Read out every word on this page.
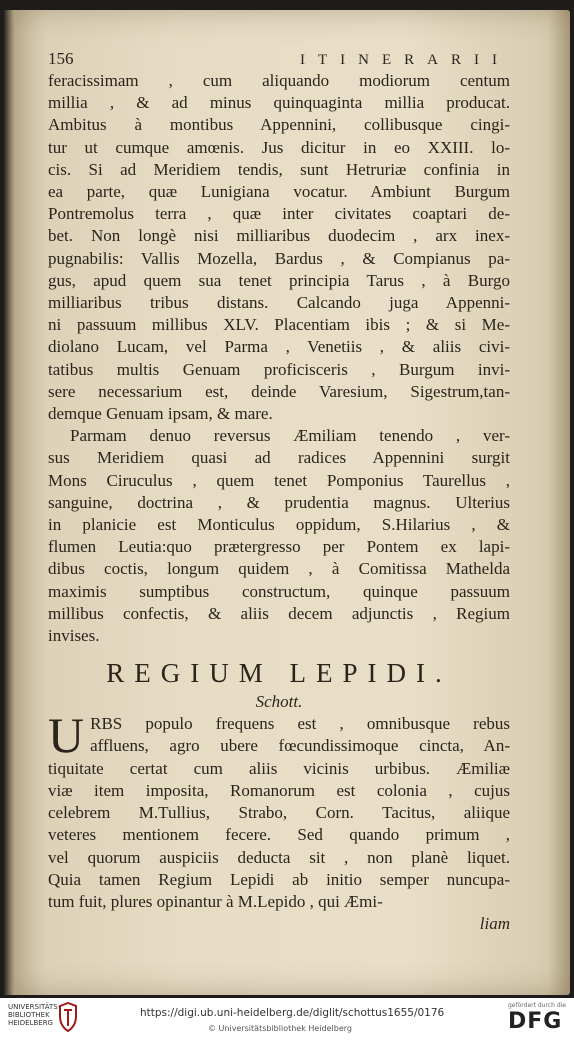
156	ITINERARII
feracissimam , cum aliquando modiorum centum
millia , & ad minus quinquaginta millia producat.
Ambitus à montibus Appennini, collibusque cingi-
tur ut cumque amœnis. Jus dicitur in eo XXIII. lo-
cis. Si ad Meridiem tendis, sunt Hetruriæ confinia in
ea parte, quæ Lunigiana vocatur. Ambiunt Burgum
Pontremolus terra , quæ inter civitates coaptari de-
bet. Non longè nisi milliaribus duodecim , arx inex-
pugnabilis: Vallis Mozella, Bardus , & Compianus pa-
gus, apud quem sua tenet principia Tarus , à Burgo
milliaribus tribus distans. Calcando juga Appenni-
ni passuum millibus XLV. Placentiam ibis ; & si Me-
diolano Lucam, vel Parma , Venetiis , & aliis civi-
tatibus multis Genuam proficisceris , Burgum invi-
sere necessarium est, deinde Varesium, Sigestrum,tan-
demque Genuam ipsam, & mare.
Parmam denuo reversus Æmiliam tenendo , ver-
sus Meridiem quasi ad radices Appennini surgit
Mons Ciruculus , quem tenet Pomponius Taurellus ,
sanguine, doctrina , & prudentia magnus. Ulterius
in planicie est Monticulus oppidum, S.Hilarius , &
flumen Leutia:quo prætergresso per Pontem ex lapi-
dibus coctis, longum quidem , à Comitissa Mathelda
maximis sumptibus constructum, quinque passuum
millibus confectis, & aliis decem adjunctis , Regium
invises.
REGIUM LEPIDI.
Schott.
U RBS populo frequens est , omnibusque rebus
affluens, agro ubere fœcundissimoque cincta, An-
tiquitate certat cum aliis vicinis urbibus. Æmiliæ
viæ item imposita, Romanorum est colonia , cujus
celebrem M.Tullius, Strabo, Corn. Tacitus, aliique
veteres mentionem fecere. Sed quando primum ,
vel quorum auspiciis deducta sit , non planè liquet.
Quia tamen Regium Lepidi ab initio semper nuncupa-
tum fuit, plures opinantur à M.Lepido , qui Æmi-
liam
UNIVERSITÄTS-
BIBLIOTHEK
HEIDELBERG
https://digi.ub.uni-heidelberg.de/diglit/schottus1655/0176
© Universitätsbibliothek Heidelberg
gefördert durch die
DFG
